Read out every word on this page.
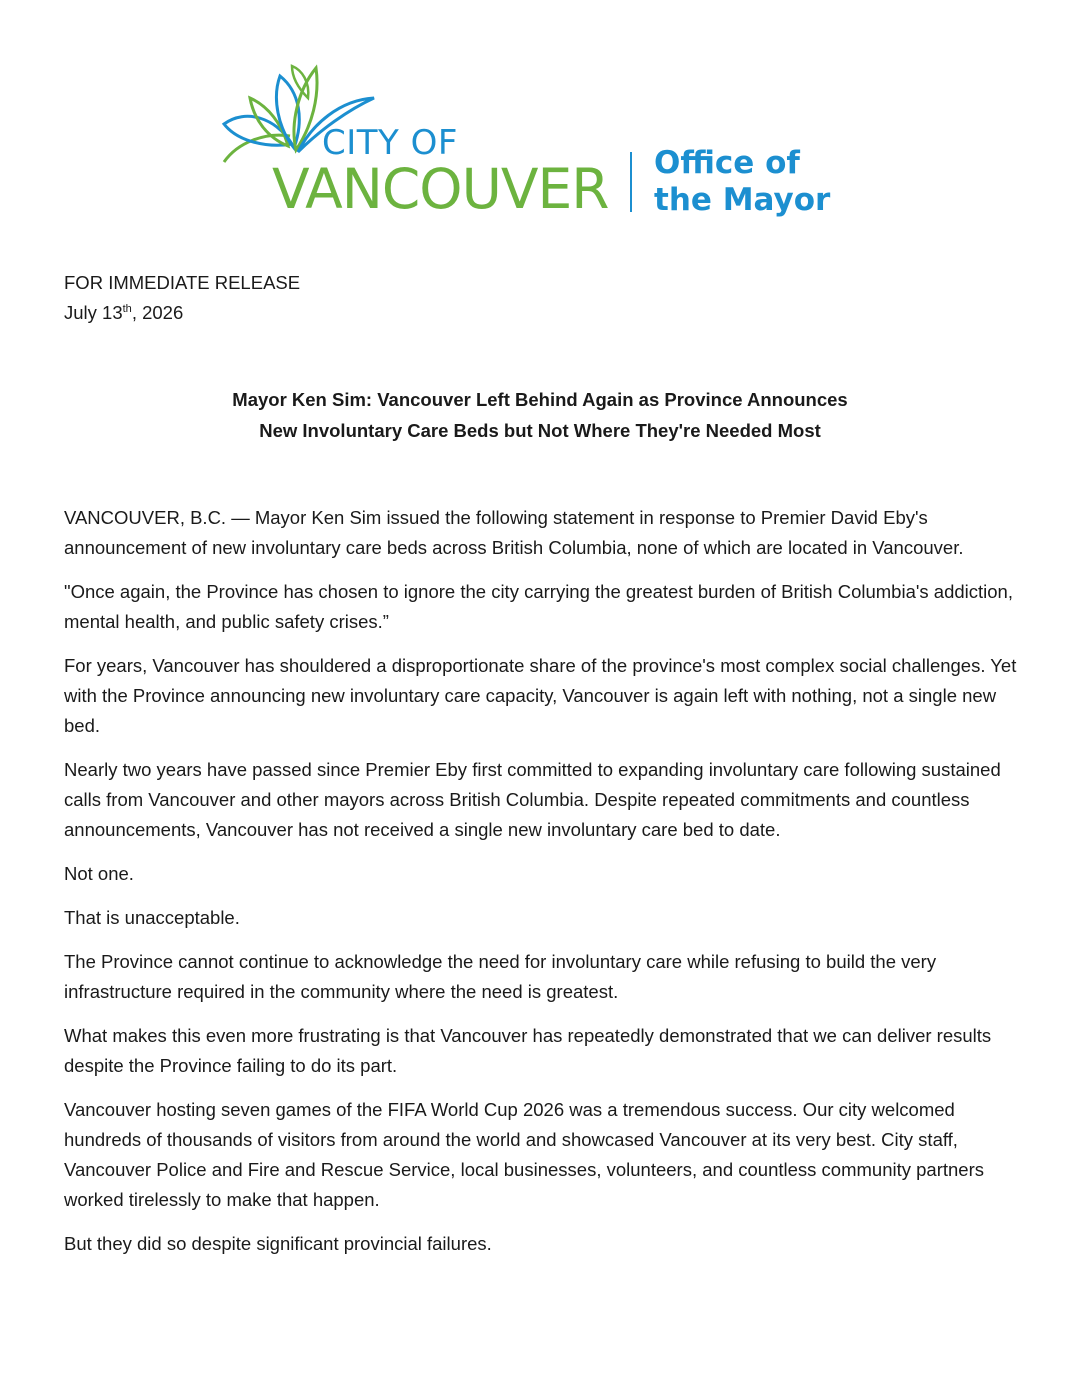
CITY OF
VANCOUVER Office of
the Mayor
FOR IMMEDIATE RELEASE
July 13th, 2026
Mayor Ken Sim: Vancouver Left Behind Again as Province Announces
New Involuntary Care Beds but Not Where They're Needed Most

VANCOUVER, B.C. — Mayor Ken Sim issued the following statement in response to Premier David Eby's announcement of new involuntary care beds across British Columbia, none of which are located in Vancouver.

"Once again, the Province has chosen to ignore the city carrying the greatest burden of British Columbia's addiction, mental health, and public safety crises.”

For years, Vancouver has shouldered a disproportionate share of the province's most complex social challenges. Yet with the Province announcing new involuntary care capacity, Vancouver is again left with nothing, not a single new bed.

Nearly two years have passed since Premier Eby first committed to expanding involuntary care following sustained calls from Vancouver and other mayors across British Columbia. Despite repeated commitments and countless announcements, Vancouver has not received a single new involuntary care bed to date.

Not one.

That is unacceptable.

The Province cannot continue to acknowledge the need for involuntary care while refusing to build the very infrastructure required in the community where the need is greatest.

What makes this even more frustrating is that Vancouver has repeatedly demonstrated that we can deliver results despite the Province failing to do its part.

Vancouver hosting seven games of the FIFA World Cup 2026 was a tremendous success. Our city welcomed hundreds of thousands of visitors from around the world and showcased Vancouver at its very best. City staff, Vancouver Police and Fire and Rescue Service, local businesses, volunteers, and countless community partners worked tirelessly to make that happen.

But they did so despite significant provincial failures.
